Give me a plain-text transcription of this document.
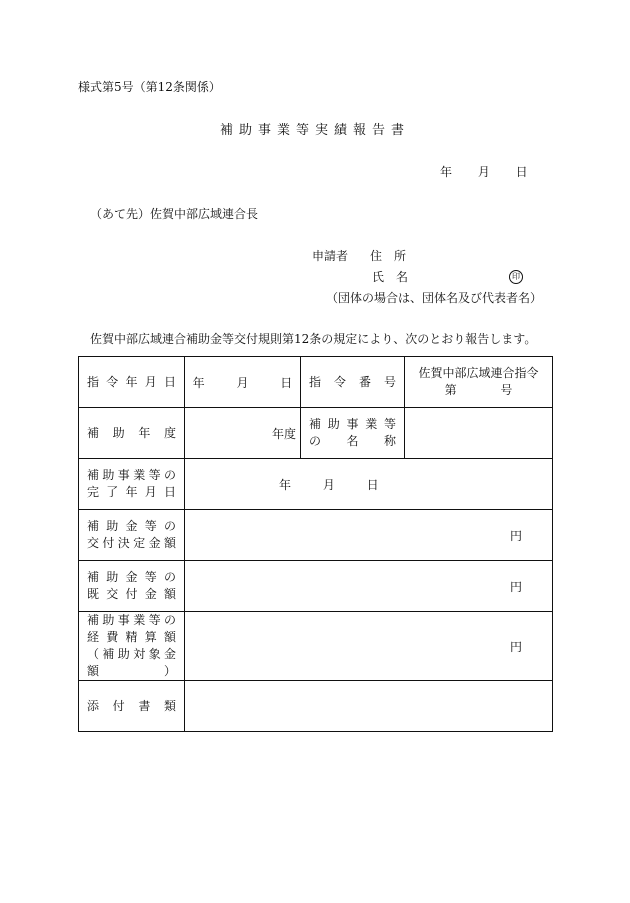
様式第5号（第12条関係）
補助事業等実績報告書
年 月 日
（あて先）佐賀中部広域連合長
申請者 住　所
氏　名	印
（団体の場合は、団体名及び代表者名）
佐賀中部広域連合補助金等交付規則第12条の規定により、次のとおり報告します。
指令年月日	年 月 日	指令番号	佐賀中部広域連合指令
第 号

補助年度	年度	補助事業等
の名称	

補助事業等の
完了年月日	年 月 日		

補助金等の
交付決定金額	円		

補助金等の
既交付金額	円		

補助事業等の
経費精算額
（補助対象金額）	円		

添付書類			
